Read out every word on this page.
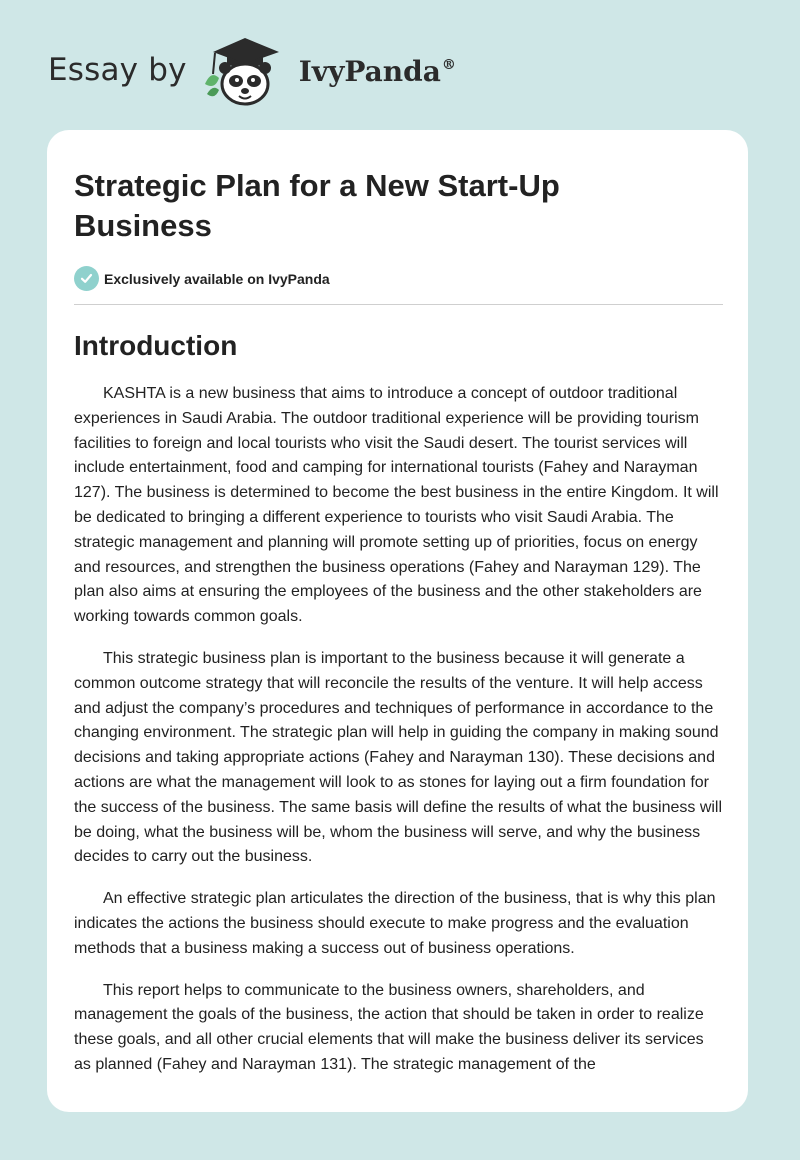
Essay by	IvyPanda®
Strategic Plan for a New Start-Up Business
Exclusively available on IvyPanda
Introduction

KASHTA is a new business that aims to introduce a concept of outdoor traditional experiences in Saudi Arabia. The outdoor traditional experience will be providing tourism facilities to foreign and local tourists who visit the Saudi desert. The tourist services will include entertainment, food and camping for international tourists (Fahey and Narayman 127). The business is determined to become the best business in the entire Kingdom. It will be dedicated to bringing a different experience to tourists who visit Saudi Arabia. The strategic management and planning will promote setting up of priorities, focus on energy and resources, and strengthen the business operations (Fahey and Narayman 129). The plan also aims at ensuring the employees of the business and the other stakeholders are working towards common goals.

This strategic business plan is important to the business because it will generate a common outcome strategy that will reconcile the results of the venture. It will help access and adjust the company’s procedures and techniques of performance in accordance to the changing environment. The strategic plan will help in guiding the company in making sound decisions and taking appropriate actions (Fahey and Narayman 130). These decisions and actions are what the management will look to as stones for laying out a firm foundation for the success of the business. The same basis will define the results of what the business will be doing, what the business will be, whom the business will serve, and why the business decides to carry out the business.

An effective strategic plan articulates the direction of the business, that is why this plan indicates the actions the business should execute to make progress and the evaluation methods that a business making a success out of business operations.

This report helps to communicate to the business owners, shareholders, and management the goals of the business, the action that should be taken in order to realize these goals, and all other crucial elements that will make the business deliver its services as planned (Fahey and Narayman 131). The strategic management of the
